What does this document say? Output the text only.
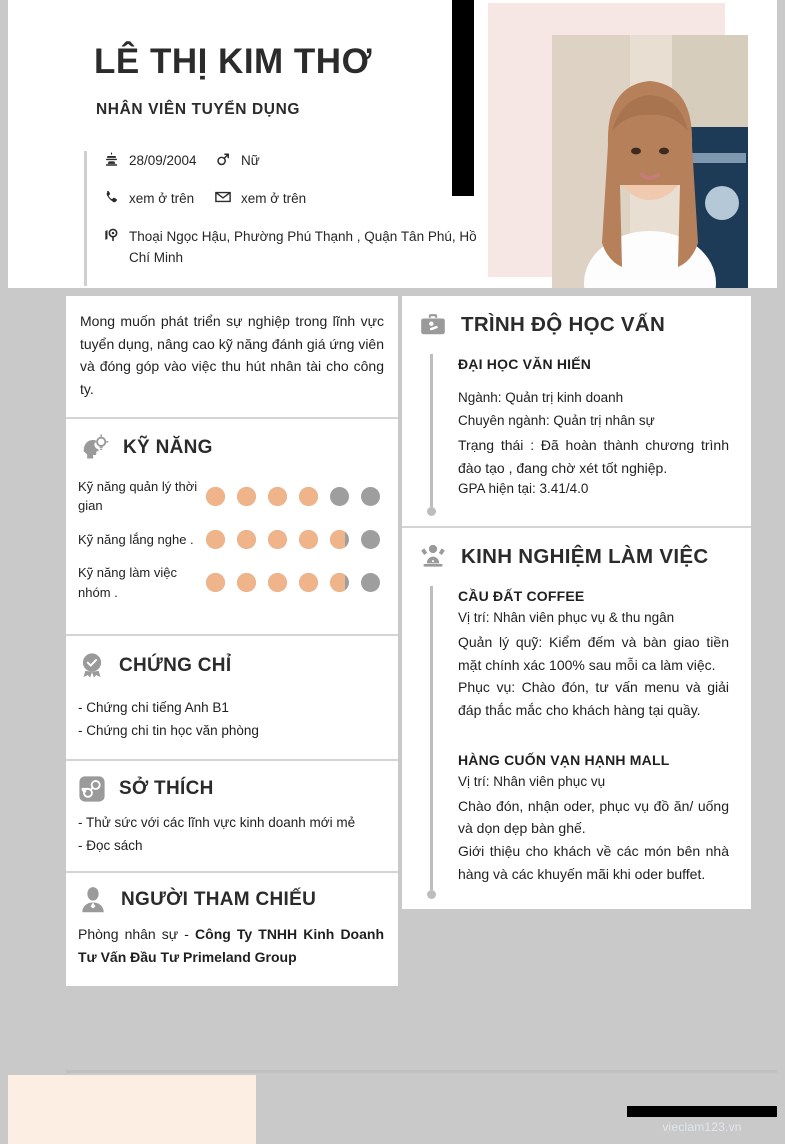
LÊ THỊ KIM THƠ
NHÂN VIÊN TUYỂN DỤNG
28/09/2004	Nữ
xem ở trên	xem ở trên
Thoại Ngọc Hậu, Phường Phú Thạnh , Quận Tân Phú, Hồ Chí Minh
Mong muốn phát triển sự nghiệp trong lĩnh vực tuyển dụng, nâng cao kỹ năng đánh giá ứng viên và đóng góp vào việc thu hút nhân tài cho công ty.
KỸ NĂNG
Kỹ năng quản lý thời gian
Kỹ năng lắng nghe .
Kỹ năng làm việc nhóm .
CHỨNG CHỈ
- Chứng chi tiếng Anh B1
- Chứng chi tin học văn phòng
SỞ THÍCH
- Thử sức với các lĩnh vực kinh doanh mới mẻ
- Đọc sách
NGƯỜI THAM CHIẾU
Phòng nhân sự - Công Ty TNHH Kinh Doanh Tư Vấn Đầu Tư Primeland Group
TRÌNH ĐỘ HỌC VẤN
ĐẠI HỌC VĂN HIẾN
Ngành: Quản trị kinh doanh
Chuyên ngành: Quản trị nhân sự
Trạng thái : Đã hoàn thành chương trình đào tạo , đang chờ xét tốt nghiệp.
GPA hiện tại: 3.41/4.0
KINH NGHIỆM LÀM VIỆC
CẦU ĐẤT COFFEE
Vị trí: Nhân viên phục vụ & thu ngân
Quản lý quỹ: Kiểm đếm và bàn giao tiền mặt chính xác 100% sau mỗi ca làm việc.
Phục vụ: Chào đón, tư vấn menu và giải đáp thắc mắc cho khách hàng tại quầy.
HÀNG CUỐN VẠN HẠNH MALL
Vị trí: Nhân viên phục vụ
Chào đón, nhận oder, phục vụ đồ ăn/ uống và dọn dẹp bàn ghế.
Giới thiệu cho khách về các món bên nhà hàng và các khuyến mãi khi oder buffet.
vieclam123.vn
